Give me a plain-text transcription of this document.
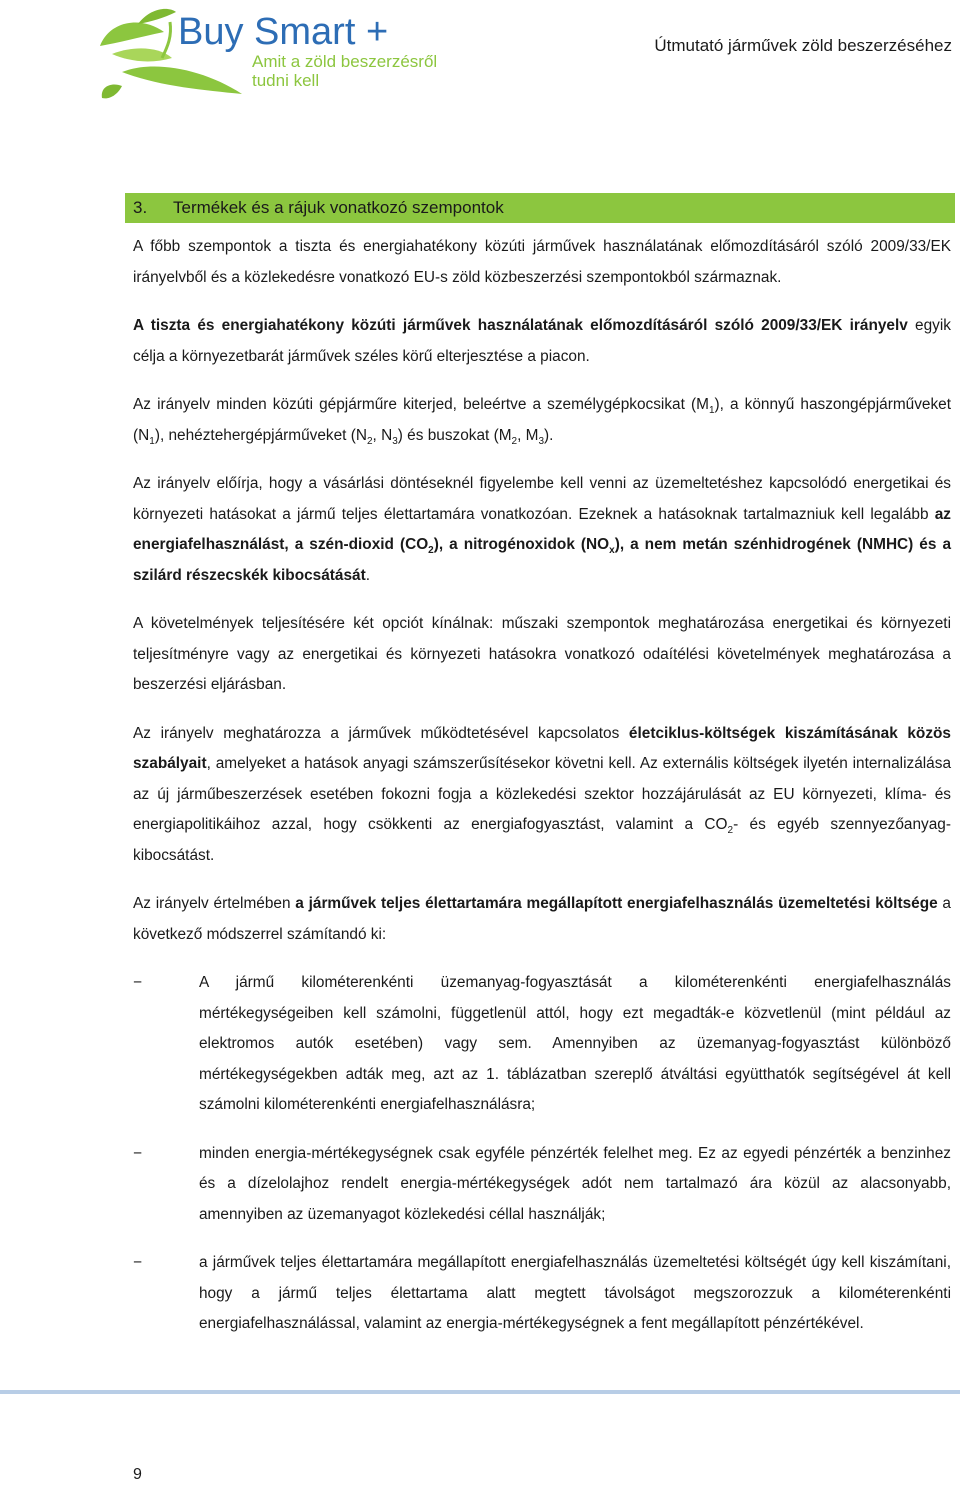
Buy Smart +

Amit a zöld beszerzésről tudni kell

Útmutató járművek zöld beszerzéséhez

3.	Termékek és a rájuk vonatkozó szempontok

A főbb szempontok a tiszta és energiahatékony közúti járművek használatának előmozdításáról szóló 2009/33/EK irányelvből és a közlekedésre vonatkozó EU-s zöld közbeszerzési szempontokból származnak.

A tiszta és energiahatékony közúti járművek használatának előmozdításáról szóló 2009/33/EK irányelv egyik célja a környezetbarát járművek széles körű elterjesztése a piacon.

Az irányelv minden közúti gépjárműre kiterjed, beleértve a személygépkocsikat $(M_1)$, a könnyű haszongépjárműveket $(N_1)$, nehéztehergépjárműveket ($N_2$, $N_3$) és buszokat ($M_2$, $M_3$).

Az irányelv előírja, hogy a vásárlási döntéseknél figyelembe kell venni az üzemeltetéshez kapcsolódó energetikai és környezeti hatásokat a jármű teljes élettartamára vonatkozóan. Ezeknek a hatásoknak tartalmazniuk kell legalább az energiafelhasználást, a szén-dioxid $(CO_2)$, a nitrogénoxidok $(NO_x)$, a nem metán szénhidrogének (NMHC) és a szilárd részecskék kibocsátását.

A követelmények teljesítésére két opciót kínálnak: műszaki szempontok meghatározása energetikai és környezeti teljesítményre vagy az energetikai és környezeti hatásokra vonatkozó odaítélési követelmények meghatározása a beszerzési eljárásban.

Az irányelv meghatározza a járművek működtetésével kapcsolatos életciklus-költségek kiszámításának közös szabályait, amelyeket a hatások anyagi számszerűsítésekor követni kell. Az externális költségek ilyetén internalizálása az új járműbeszerzések esetében fokozni fogja a közlekedési szektor hozzájárulását az EU környezeti, klíma- és energiapolitikáihoz azzal, hogy csökkenti az energiafogyasztást, valamint a $CO_2-$ és egyéb szennyezőanyag-kibocsátást.

Az irányelv értelmében a járművek teljes élettartamára megállapított energiafelhasználás üzemeltetési költsége a következő módszerrel számítandó ki:

−	A jármű kilométerenkénti üzemanyag-fogyasztását a kilométerenkénti energiafelhasználás mértékegységeiben kell számolni, függetlenül attól, hogy ezt megadták-e közvetlenül (mint például az elektromos autók esetében) vagy sem. Amennyiben az üzemanyag-fogyasztást különböző mértékegységekben adták meg, azt az 1. táblázatban szereplő átváltási együtthatók segítségével át kell számolni kilométerenkénti energiafelhasználásra;
−	minden energia-mértékegységnek csak egyféle pénzérték felelhet meg. Ez az egyedi pénzérték a benzinhez és a dízelolajhoz rendelt energia-mértékegységek adót nem tartalmazó ára közül az alacsonyabb, amennyiben az üzemanyagot közlekedési céllal használják;
−	a járművek teljes élettartamára megállapított energiafelhasználás üzemeltetési költségét úgy kell kiszámítani, hogy a jármű teljes élettartama alatt megtett távolságot megszorozzuk a kilométerenkénti energiafelhasználással, valamint az energia-mértékegységnek a fent megállapított pénzértékével.

9
